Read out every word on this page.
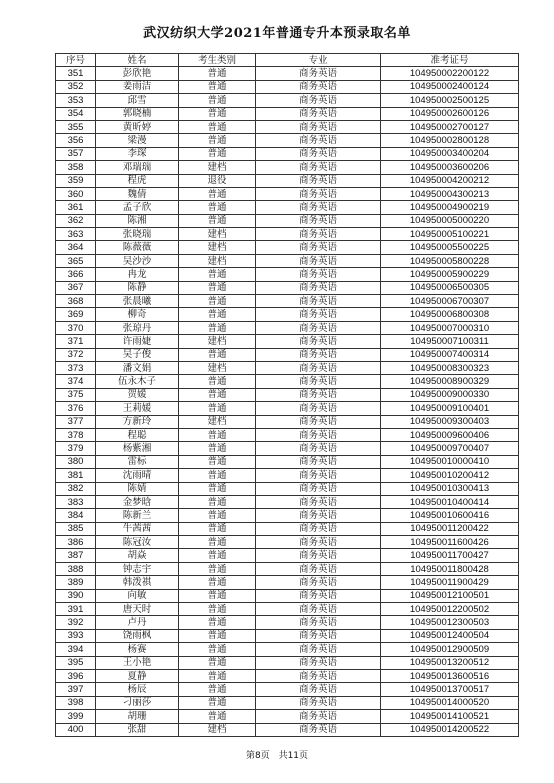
武汉纺织大学2021年普通专升本预录取名单
序号	姓名	考生类别	专业	准考证号
351	彭欣艳	普通	商务英语	104950002200122
352	姜雨洁	普通	商务英语	104950002400124
353	邱雪	普通	商务英语	104950002500125
354	郭晓楠	普通	商务英语	104950002600126
355	黄昕婷	普通	商务英语	104950002700127
356	梁漫	普通	商务英语	104950002800128
357	李琛	普通	商务英语	104950003400204
358	邓瑞瑞	建档	商务英语	104950003600206
359	程虎	退役	商务英语	104950004200212
360	魏倩	普通	商务英语	104950004300213
361	孟子欣	普通	商务英语	104950004900219
362	陈湘	普通	商务英语	104950005000220
363	张晓瑞	建档	商务英语	104950005100221
364	陈薇薇	建档	商务英语	104950005500225
365	吴沙沙	建档	商务英语	104950005800228
366	冉龙	普通	商务英语	104950005900229
367	陈静	普通	商务英语	104950006500305
368	张晨曦	普通	商务英语	104950006700307
369	柳奇	普通	商务英语	104950006800308
370	张琼丹	普通	商务英语	104950007000310
371	许雨婕	建档	商务英语	104950007100311
372	吴子俊	普通	商务英语	104950007400314
373	潘文娟	建档	商务英语	104950008300323
374	伍永木子	普通	商务英语	104950008900329
375	贺媛	普通	商务英语	104950009000330
376	王莉媛	普通	商务英语	104950009100401
377	方新玲	建档	商务英语	104950009300403
378	程聪	普通	商务英语	104950009600406
379	杨紫湘	普通	商务英语	104950009700407
380	雷标	普通	商务英语	104950010000410
381	沈雨晴	普通	商务英语	104950010200412
382	陈婧	普通	商务英语	104950010300413
383	金梦晗	普通	商务英语	104950010400414
384	陈新兰	普通	商务英语	104950010600416
385	牛茜茜	普通	商务英语	104950011200422
386	陈冠汝	普通	商务英语	104950011600426
387	胡焱	普通	商务英语	104950011700427
388	钟志宇	普通	商务英语	104950011800428
389	韩泼祺	普通	商务英语	104950011900429
390	向敏	普通	商务英语	104950012100501
391	唐天时	普通	商务英语	104950012200502
392	卢丹	普通	商务英语	104950012300503
393	饶雨枫	普通	商务英语	104950012400504
394	杨赛	普通	商务英语	104950012900509
395	王小艳	普通	商务英语	104950013200512
396	夏静	普通	商务英语	104950013600516
397	杨辰	普通	商务英语	104950013700517
398	刁丽莎	普通	商务英语	104950014000520
399	胡珊	普通	商务英语	104950014100521
400	张甜	建档	商务英语	104950014200522
第8页 共11页
